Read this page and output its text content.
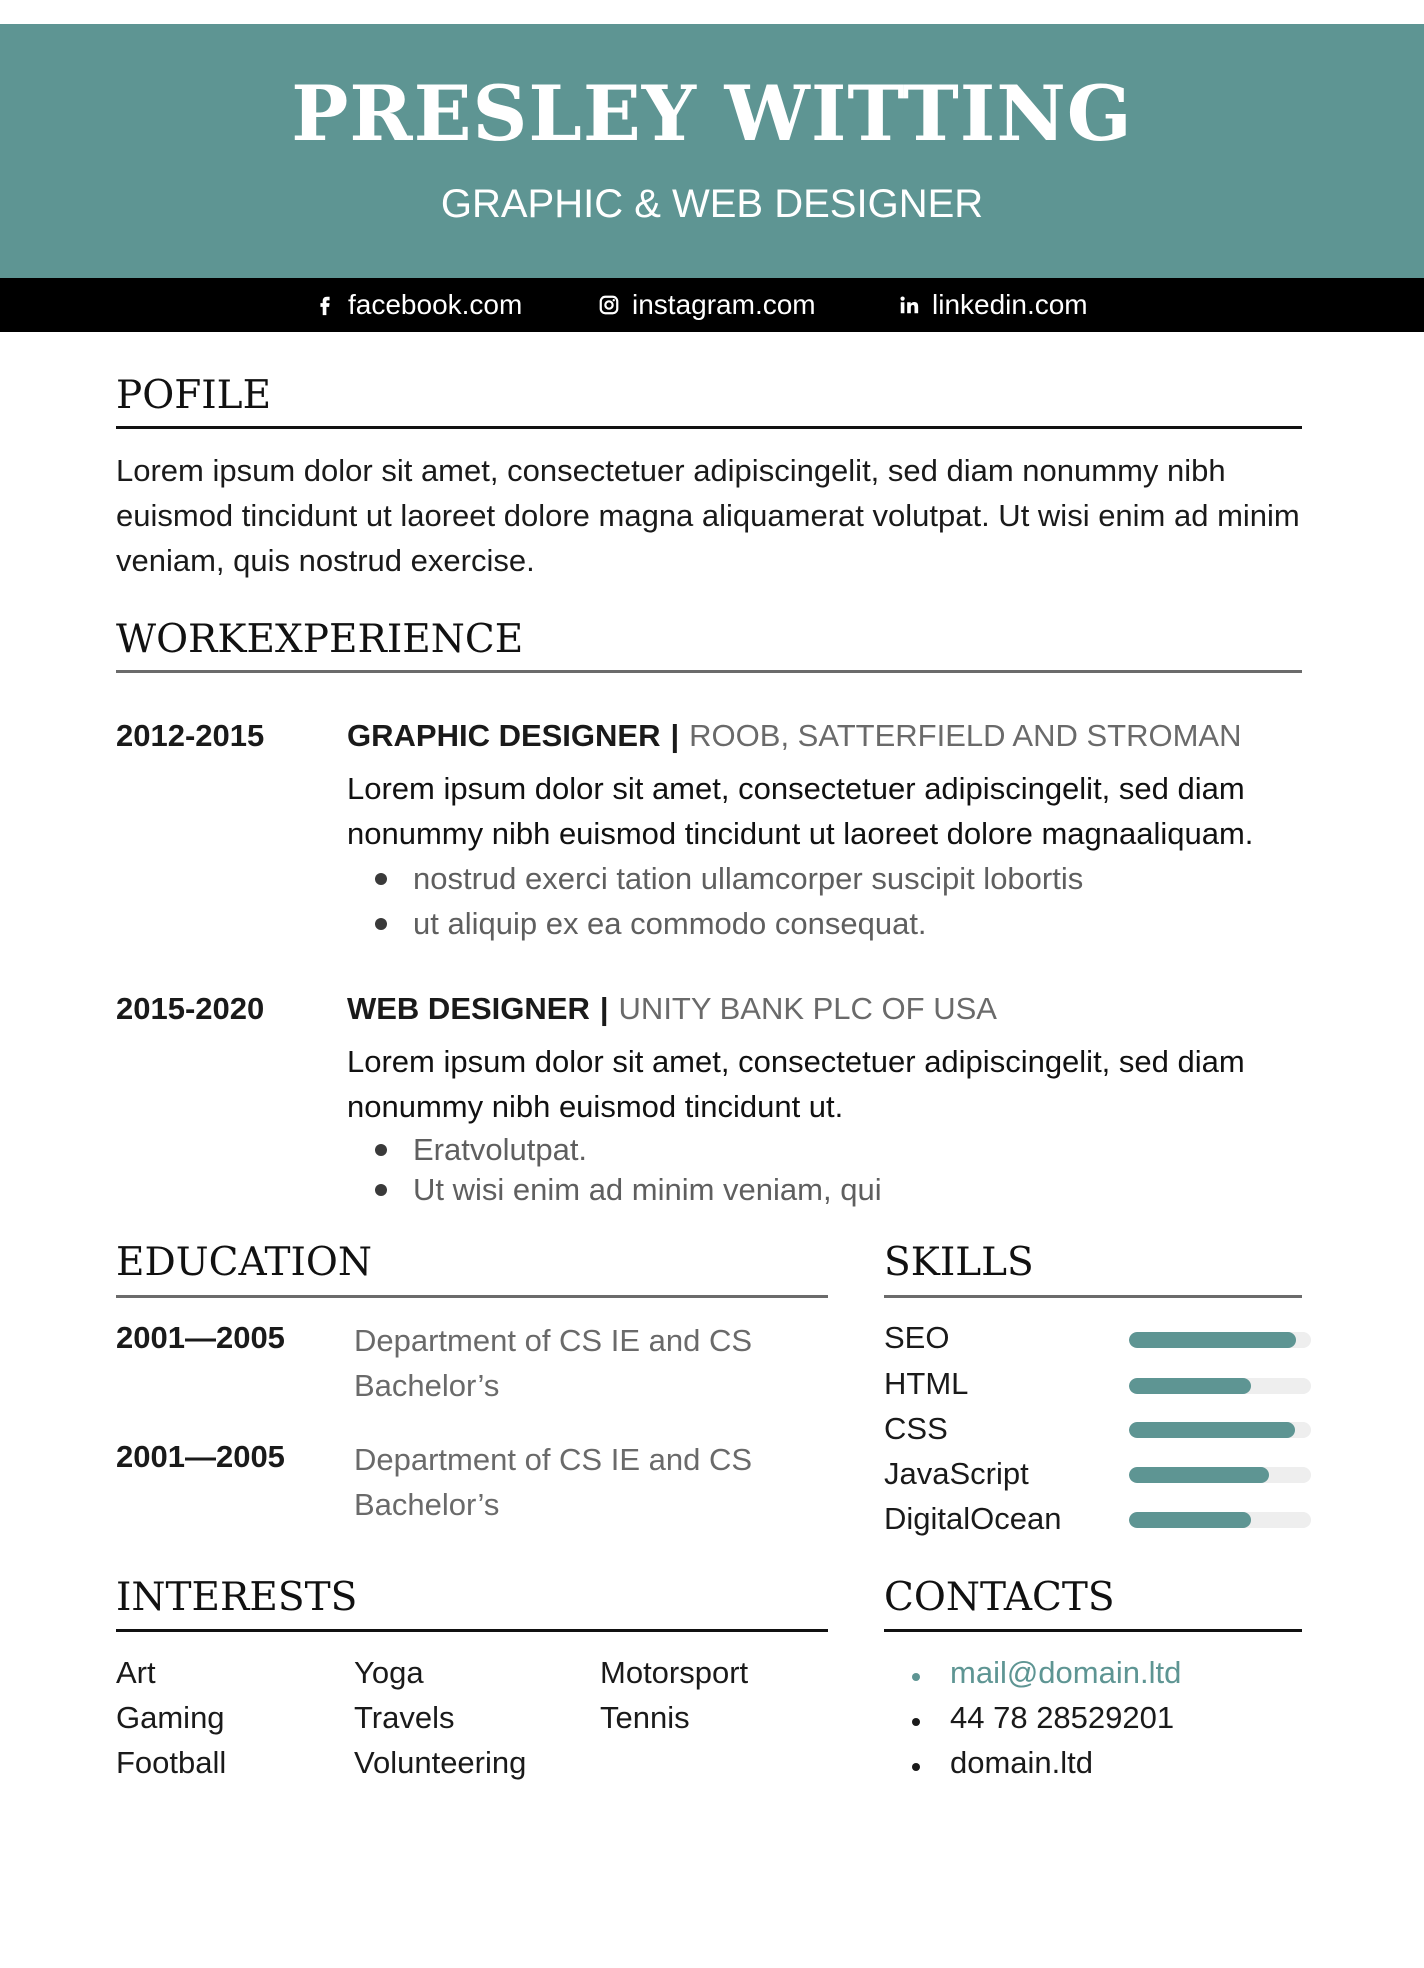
PRESLEY WITTING
GRAPHIC & WEB DESIGNER
facebook.com	instagram.com	linkedin.com
POFILE
Lorem ipsum dolor sit amet, consectetuer adipiscingelit, sed diam nonummy nibh euismod tincidunt ut laoreet dolore magna aliquamerat volutpat. Ut wisi enim ad minim veniam, quis nostrud exercise.
WORKEXPERIENCE
2012-2015	GRAPHIC DESIGNER | ROOB, SATTERFIELD AND STROMAN
Lorem ipsum dolor sit amet, consectetuer adipiscingelit, sed diam nonummy nibh euismod tincidunt ut laoreet dolore magnaaliquam.
nostrud exerci tation ullamcorper suscipit lobortis
ut aliquip ex ea commodo consequat.
2015-2020	WEB DESIGNER | UNITY BANK PLC OF USA
Lorem ipsum dolor sit amet, consectetuer adipiscingelit, sed diam nonummy nibh euismod tincidunt ut.
Eratvolutpat.
Ut wisi enim ad minim veniam, qui
EDUCATION
2001—2005 Department of CS IE and CS
Bachelor’s
2001—2005 Department of CS IE and CS
Bachelor’s
SKILLS
SEO
HTML
CSS
JavaScript
DigitalOcean
INTERESTS
Art
Gaming
Football
Yoga
Travels
Volunteering
Motorsport
Tennis
CONTACTS
mail@domain.ltd
44 78 28529201
domain.ltd
